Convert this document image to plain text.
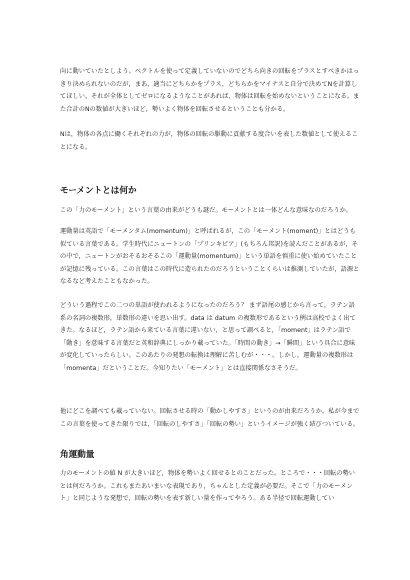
向に動いていたとしよう。ベクトルを使って定義していないのでどちら向きの回転をプラスとすべきかはっきり決められないのだが，まあ，適当にどちらかをプラス，どちらかをマイナスと自分で決めてNを計算してほしい。それが全体としてゼロになるようなことがあれば，物体は回転を始めないということになる。また合計のNの数値が大きいほど，勢いよく物体を回転させるということも分かる。
Nは，物体の各点に働くそれぞれの力が，物体の回転の駆動に貢献する度合いを表した数値として使えることになる。
モーメントとは何か
この「力のモーメント」という言葉の由来がどうも謎だ。モーメントとは一体どんな意味なのだろうか。
運動量は英語で「モーメンタム(momentum)」と呼ばれるが，この「モーメント(moment)」とはどうも似ている言葉である。学生時代にニュートンの「プリンキピア」(もちろん邦訳)を読んだことがあるが，その中で，ニュートンがおそるおそるこの「運動量(momentum)」という単語を慎重に使い始めていたことが記憶に残っている。この言葉はこの時代に造られたのだろうということくらいは推測していたが，語源となるなど考えたこともなかった。
どういう過程でこの二つの単語が使われるようになったのだろう？ まず語尾の感じから言って，ラテン語系の名詞の複数形，単数形の違いを思い出す。data は datum の複数形であるという例は高校でよく出てきた。なるほど，ラテン語から来ている言葉に違いない，と思って調べると，「moment」はラテン語で「動き」を意味する言葉だと英和辞典にしっかり載っていた。「時間の動き」→「瞬間」という具合に意味が変化していったらしい。このあたりの発想の転換は理解に苦しむが・・・。しかし，運動量の複数形は「momenta」だということだ。今知りたい「モーメント」とは直接関係なさそうだ。
他にどこを調べても載っていない。回転させる時の「動かしやすさ」というのが由来だろうか。私が今までこの言葉を使ってきた限りでは，「回転のしやすさ」「回転の勢い」というイメージが強く結びついている。
角運動量
力のモーメントの値 N が大きいほど，物体を勢いよく回せるとのことだった。ところで・・・回転の勢いとは何だろうか。これもまたあいまいな表現であり，ちゃんとした定義が必要だ。そこで「力のモーメント」と同じような発想で，回転の勢いを表す新しい量を作ってやろう。ある半径で回転運動してい
